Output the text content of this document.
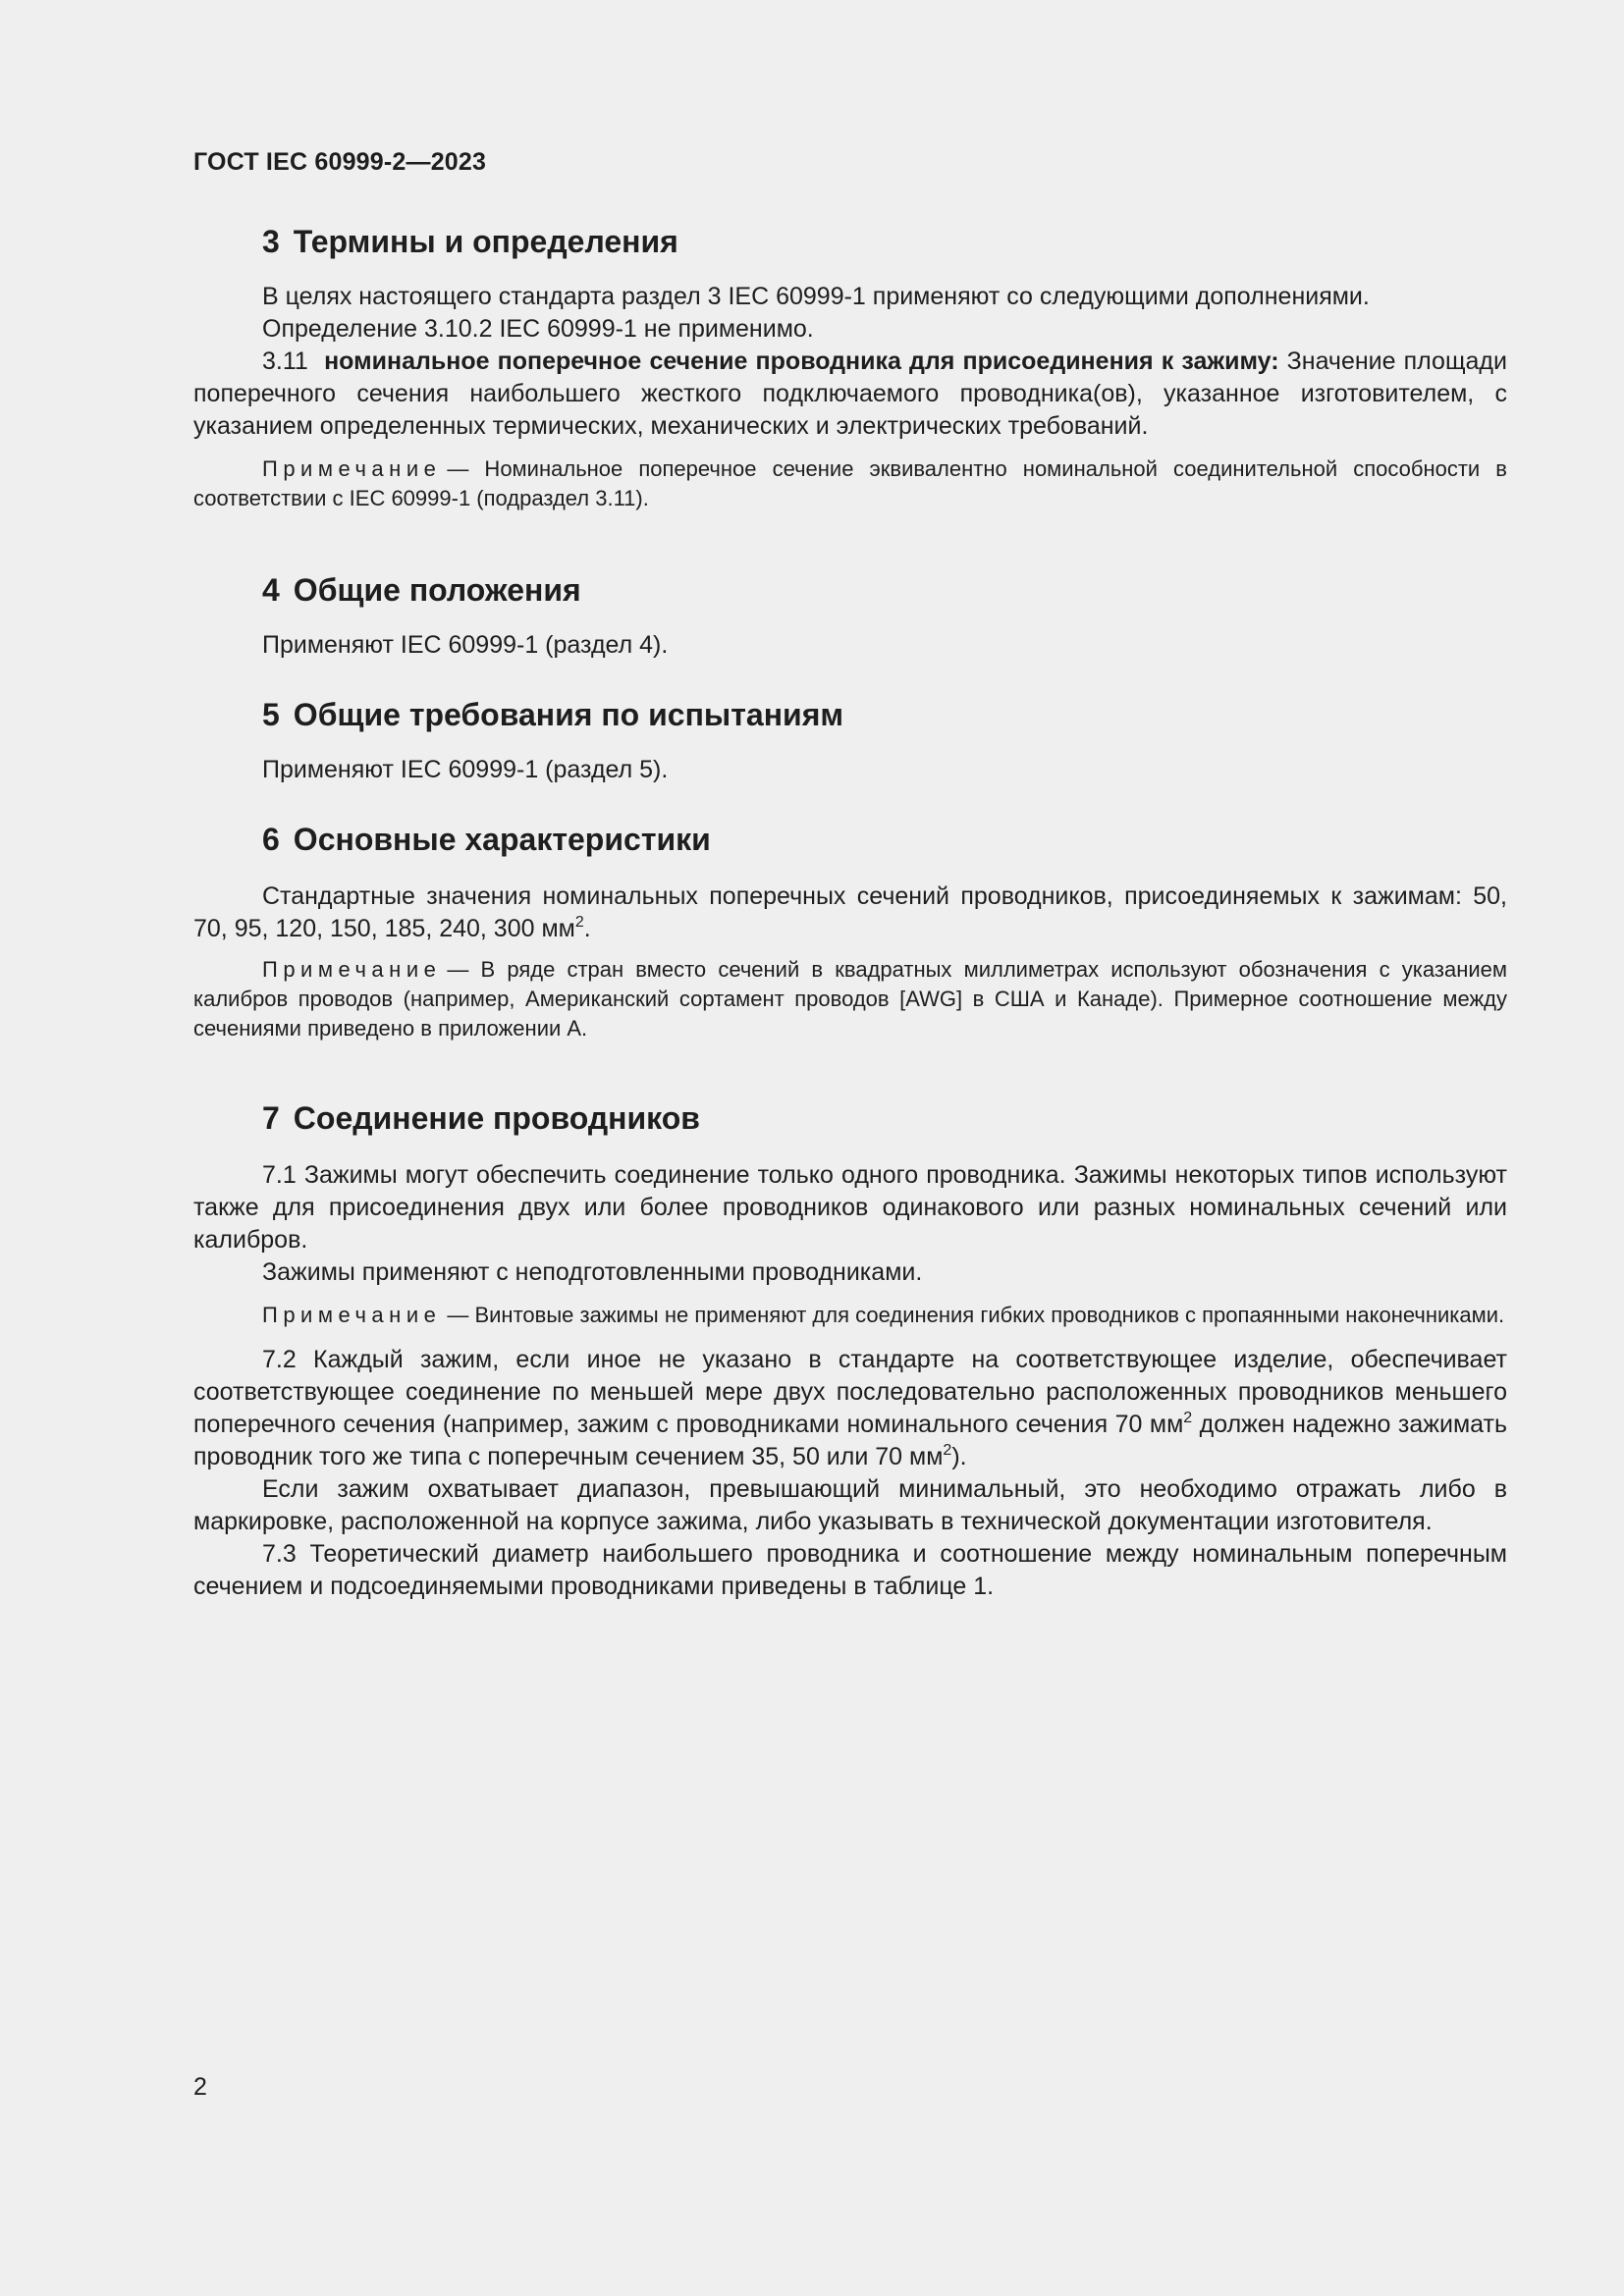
ГОСТ IEC 60999-2—2023
3 Термины и определения

В целях настоящего стандарта раздел 3 IEC 60999-1 применяют со следующими дополнениями.

Определение 3.10.2 IEC 60999-1 не применимо.

3.11 номинальное поперечное сечение проводника для присоединения к зажиму: Значение площади поперечного сечения наибольшего жесткого подключаемого проводника(ов), указанное изготовителем, с указанием определенных термических, механических и электрических требований.

Примечание — Номинальное поперечное сечение эквивалентно номинальной соединительной способности в соответствии с IEC 60999-1 (подраздел 3.11).

4 Общие положения

Применяют IEC 60999-1 (раздел 4).

5 Общие требования по испытаниям

Применяют IEC 60999-1 (раздел 5).

6 Основные характеристики

Стандартные значения номинальных поперечных сечений проводников, присоединяемых к зажимам: 50, 70, 95, 120, 150, 185, 240, 300 $мм^2$.

Примечание — В ряде стран вместо сечений в квадратных миллиметрах используют обозначения с указанием калибров проводов (например, Американский сортамент проводов [AWG] в США и Канаде). Примерное соотношение между сечениями приведено в приложении А.

7 Соединение проводников

7.1 Зажимы могут обеспечить соединение только одного проводника. Зажимы некоторых типов используют также для присоединения двух или более проводников одинакового или разных номинальных сечений или калибров.

Зажимы применяют с неподготовленными проводниками.

Примечание — Винтовые зажимы не применяют для соединения гибких проводников с пропаянными наконечниками.

7.2 Каждый зажим, если иное не указано в стандарте на соответствующее изделие, обеспечивает соответствующее соединение по меньшей мере двух последовательно расположенных проводников меньшего поперечного сечения (например, зажим с проводниками номинального сечения 70 $мм^2$ должен надежно зажимать проводник того же типа с поперечным сечением 35, 50 или 70 $мм^2$).

Если зажим охватывает диапазон, превышающий минимальный, это необходимо отражать либо в маркировке, расположенной на корпусе зажима, либо указывать в технической документации изготовителя.

7.3 Теоретический диаметр наибольшего проводника и соотношение между номинальным поперечным сечением и подсоединяемыми проводниками приведены в таблице 1.

2
